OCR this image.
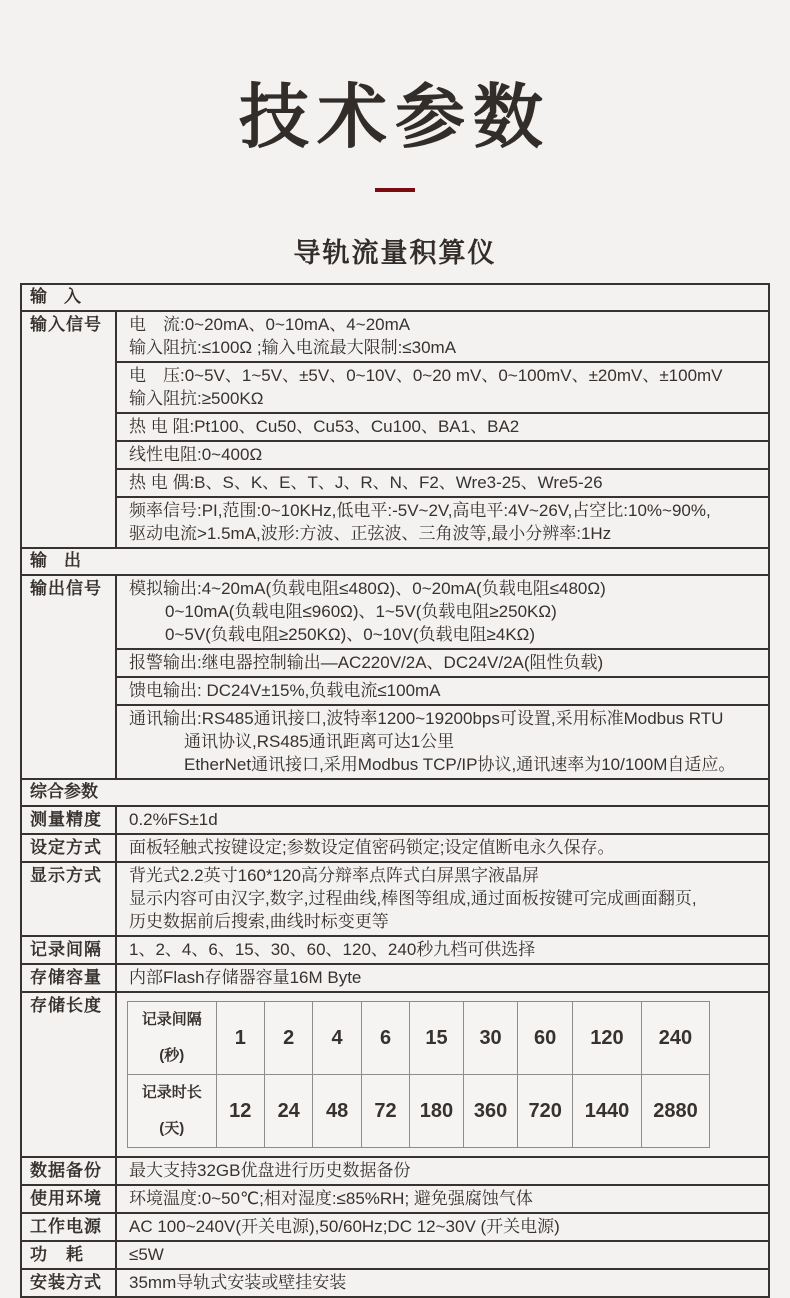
技术参数
导轨流量积算仪
输　入
输入信号	电　流:0~20mA、0~10mA、4~20mA
输入阻抗:≤100Ω ;输入电流最大限制:≤30mA

电　压:0~5V、1~5V、±5V、0~10V、0~20 mV、0~100mV、±20mV、±100mV
输入阻抗:≥500KΩ

热 电 阻:Pt100、Cu50、Cu53、Cu100、BA1、BA2
线性电阻:0~400Ω
热 电 偶:B、S、K、E、T、J、R、N、F2、Wre3-25、Wre5-26

频率信号:PI,范围:0~10KHz,低电平:-5V~2V,高电平:4V~26V,占空比:10%~90%,
驱动电流>1.5mA,波形:方波、正弦波、三角波等,最小分辨率:1Hz

输　出
输出信号	模拟输出:4~20mA(负载电阻≤480Ω)、0~20mA(负载电阻≤480Ω)
0~10mA(负载电阻≤960Ω)、1~5V(负载电阻≥250KΩ)
0~5V(负载电阻≥250KΩ)、0~10V(负载电阻≥4KΩ)

报警输出:继电器控制输出—AC220V/2A、DC24V/2A(阻性负载)
馈电输出: DC24V±15%,负载电流≤100mA

通讯输出:RS485通讯接口,波特率1200~19200bps可设置,采用标准Modbus RTU
通讯协议,RS485通讯距离可达1公里
EtherNet通讯接口,采用Modbus TCP/IP协议,通讯速率为10/100M自适应。

综合参数
测量精度	0.2%FS±1d
设定方式	面板轻触式按键设定;参数设定值密码锁定;设定值断电永久保存。
显示方式	背光式2.2英寸160*120高分辩率点阵式白屏黑字液晶屏
显示内容可由汉字,数字,过程曲线,棒图等组成,通过面板按键可完成画面翻页,
历史数据前后搜索,曲线时标变更等

记录间隔	1、2、4、6、15、30、60、120、240秒九档可供选择
存储容量	内部Flash存储器容量16M Byte
存储长度	
记录间隔(秒)	1	2	4	6	15	30	60	120	240
记录时长(天)	12	24	48	72	180	360	720	1440	2880

数据备份	最大支持32GB优盘进行历史数据备份
使用环境	环境温度:0~50℃;相对湿度:≤85%RH; 避免强腐蚀气体
工作电源	AC 100~240V(开关电源),50/60Hz;DC 12~30V (开关电源)
功　耗	≤5W
安装方式	35mm导轨式安装或壁挂安装
